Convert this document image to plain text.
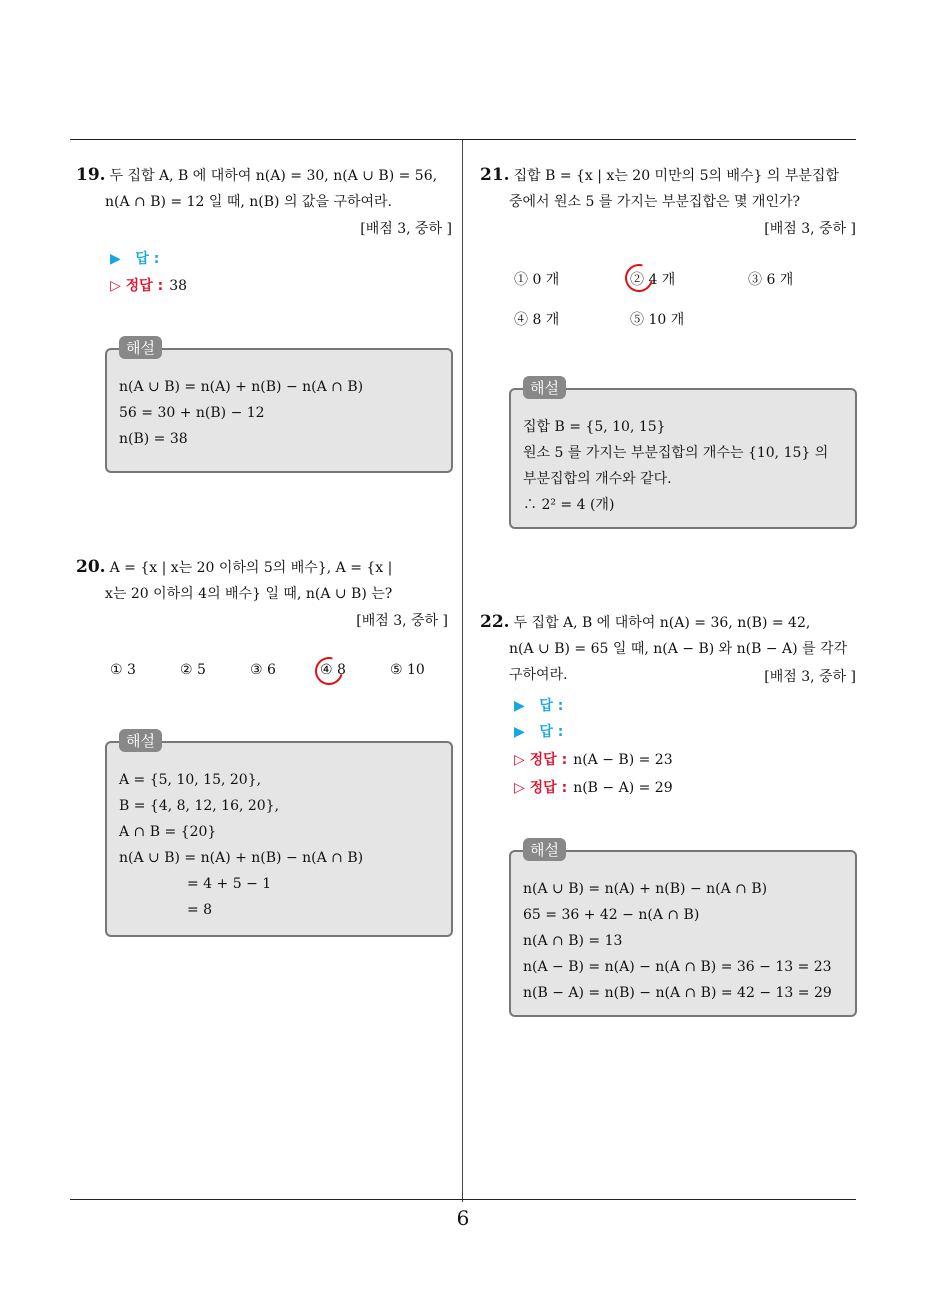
6
19. 두 집합 A, B 에 대하여 n(A) = 30, n(A ∪ B) = 56,
n(A ∩ B) = 12 일 때, n(B) 의 값을 구하여라.
[배점 3, 중하 ]
▶ 답 :
▷ 정답 : 38
해설
n(A ∪ B) = n(A) + n(B) − n(A ∩ B)
56 = 30 + n(B) − 12
n(B) = 38
20. A = {x | x는 20 이하의 5의 배수}, A = {x |
x는 20 이하의 4의 배수} 일 때, n(A ∪ B) 는?
[배점 3, 중하 ]
① 3	② 5	③ 6	④ 8	⑤ 10
해설
A = {5, 10, 15, 20},
B = {4, 8, 12, 16, 20},
A ∩ B = {20}
n(A ∪ B) = n(A) + n(B) − n(A ∩ B)
= 4 + 5 − 1
= 8
21. 집합 B = {x | x는 20 미만의 5의 배수} 의 부분집합
중에서 원소 5 를 가지는 부분집합은 몇 개인가?
[배점 3, 중하 ]
① 0 개	② 4 개	③ 6 개
④ 8 개	⑤ 10 개
해설
집합 B = {5, 10, 15}
원소 5 를 가지는 부분집합의 개수는 {10, 15} 의
부분집합의 개수와 같다.
∴ 2² = 4 (개)
22. 두 집합 A, B 에 대하여 n(A) = 36, n(B) = 42,
n(A ∪ B) = 65 일 때, n(A − B) 와 n(B − A) 를 각각
구하여라.	[배점 3, 중하 ]
▶ 답 :
▶ 답 :
▷ 정답 : n(A − B) = 23
▷ 정답 : n(B − A) = 29
해설
n(A ∪ B) = n(A) + n(B) − n(A ∩ B)
65 = 36 + 42 − n(A ∩ B)
n(A ∩ B) = 13
n(A − B) = n(A) − n(A ∩ B) = 36 − 13 = 23
n(B − A) = n(B) − n(A ∩ B) = 42 − 13 = 29
